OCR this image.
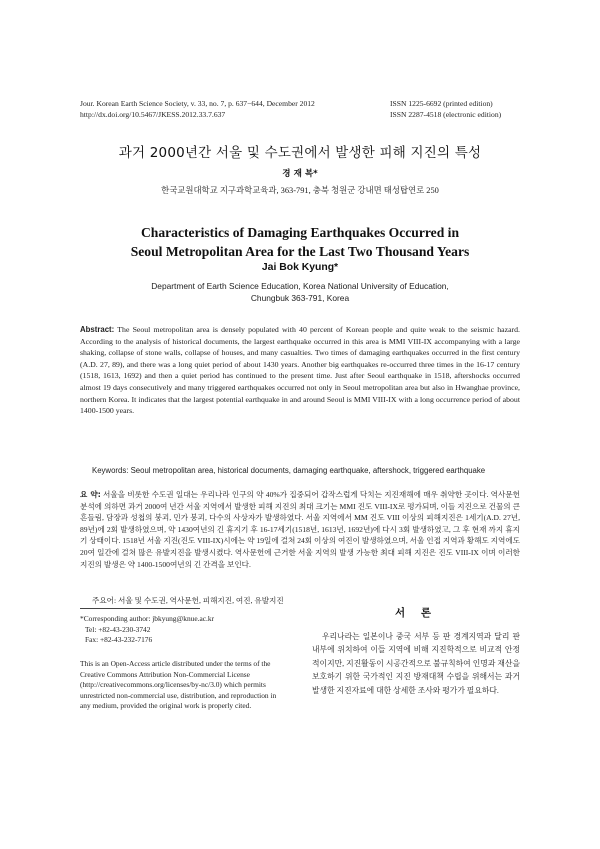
Jour. Korean Earth Science Society, v. 33, no. 7, p. 637−644, December 2012
http://dx.doi.org/10.5467/JKESS.2012.33.7.637
ISSN 1225-6692 (printed edition)
ISSN 2287-4518 (electronic edition)
과거 2000년간 서울 및 수도권에서 발생한 피해 지진의 특성
경 재 복*
한국교원대학교 지구과학교육과, 363-791, 충북 청원군 강내면 태성탑연로 250
Characteristics of Damaging Earthquakes Occurred in
Seoul Metropolitan Area for the Last Two Thousand Years
Jai Bok Kyung*
Department of Earth Science Education, Korea National University of Education,
Chungbuk 363-791, Korea
Abstract: The Seoul metropolitan area is densely populated with 40 percent of Korean people and quite weak to the seismic hazard. According to the analysis of historical documents, the largest earthquake occurred in this area is MMI VIII-IX accompanying with a large shaking, collapse of stone walls, collapse of houses, and many casualties. Two times of damaging earthquakes occurred in the first century (A.D. 27, 89), and there was a long quiet period of about 1430 years. Another big earthquakes re-occurred three times in the 16-17 century (1518, 1613, 1692) and then a quiet period has continued to the present time. Just after Seoul earthquake in 1518, aftershocks occurred almost 19 days consecutively and many triggered earthquakes occurred not only in Seoul metropolitan area but also in Hwanghae province, northern Korea. It indicates that the largest potential earthquake in and around Seoul is MMI VIII-IX with a long occurrence period of about 1400-1500 years.
Keywords: Seoul metropolitan area, historical documents, damaging earthquake, aftershock, triggered earthquake
요 약: 서울을 비롯한 수도권 일대는 우리나라 인구의 약 40%가 집중되어 갑작스럽게 닥치는 지진재해에 매우 취약한 곳이다. 역사문헌 분석에 의하면 과거 2000여 년간 서울 지역에서 발생한 피해 지진의 최대 크기는 MMI 진도 VIII-IX로 평가되며, 이들 지진으로 건물의 큰 흔들림, 담장과 성첩의 붕괴, 민가 붕괴, 다수의 사상자가 발생하였다. 서울 지역에서 MM 진도 VIII 이상의 피해지진은 1세기(A.D. 27년, 89년)에 2회 발생하였으며, 약 1430여년의 긴 휴지기 후 16-17세기(1518년, 1613년, 1692년)에 다시 3회 발생하였고, 그 후 현재 까지 휴지기 상태이다. 1518년 서울 지진(진도 VIII-IX)시에는 약 19일에 걸쳐 24회 이상의 여진이 발생하였으며, 서울 인접 지역과 황해도 지역에도 20여 일간에 걸쳐 많은 유발지진을 발생시켰다. 역사문헌에 근거한 서울 지역의 발생 가능한 최대 피해 지진은 진도 VIII-IX 이며 이러한 지진의 발생은 약 1400-1500여년의 긴 간격을 보인다.
주요어: 서울 및 수도권, 역사문헌, 피해지진, 여진, 유발지진
*Corresponding author: jbkyung@knue.ac.kr
Tel: +82-43-230-3742
Fax: +82-43-232-7176
This is an Open-Access article distributed under the terms of the Creative Commons Attribution Non-Commercial License (http://creativecommons.org/licenses/by-nc/3.0) which permits unrestricted non-commercial use, distribution, and reproduction in any medium, provided the original work is properly cited.
서 론
우리나라는 일본이나 중국 서부 등 판 경계지역과 달리 판 내부에 위치하여 이들 지역에 비해 지진학적으로 비교적 안정적이지만, 지진활동이 시공간적으로 불규칙하여 인명과 재산을 보호하기 위한 국가적인 지진 방재대책 수립을 위해서는 과거 발생한 지진자료에 대한 상세한 조사와 평가가 필요하다.
